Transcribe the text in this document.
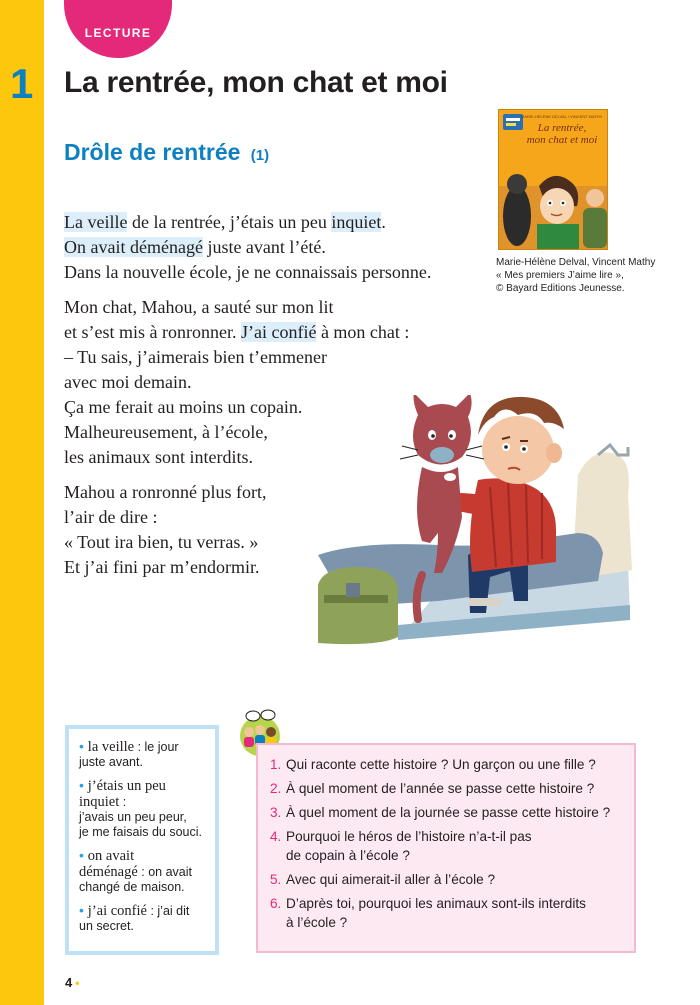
LECTURE
1 La rentrée, mon chat et moi
Drôle de rentrée (1)
La veille de la rentrée, j’étais un peu inquiet.
On avait déménagé juste avant l’été.
Dans la nouvelle école, je ne connaissais personne.
Mon chat, Mahou, a sauté sur mon lit
et s’est mis à ronronner. J’ai confié à mon chat :
– Tu sais, j’aimerais bien t’emmener
avec moi demain.
Ça me ferait au moins un copain.
Malheureusement, à l’école,
les animaux sont interdits.
Mahou a ronronné plus fort,
l’air de dire :
« Tout ira bien, tu verras. »
Et j’ai fini par m’endormir.
MARIE-HÉLÈNE DELVAL / VINCENT MATHY
La rentrée,
mon chat et moi
Marie-Hélène Delval, Vincent Mathy
« Mes premiers J’aime lire »,
© Bayard Editions Jeunesse.
• la veille : le jour
juste avant.
• j’étais un peu
inquiet :
j’avais un peu peur,
je me faisais du souci.
• on avait
déménagé : on avait
changé de maison.
• j’ai confié : j’ai dit
un secret.
1. Qui raconte cette histoire ? Un garçon ou une fille ?
2. À quel moment de l’année se passe cette histoire ?
3. À quel moment de la journée se passe cette histoire ?
4. Pourquoi le héros de l’histoire n’a-t-il pas
de copain à l’école ?
5. Avec qui aimerait-il aller à l’école ?
6. D’après toi, pourquoi les animaux sont-ils interdits
à l’école ?
4 •
